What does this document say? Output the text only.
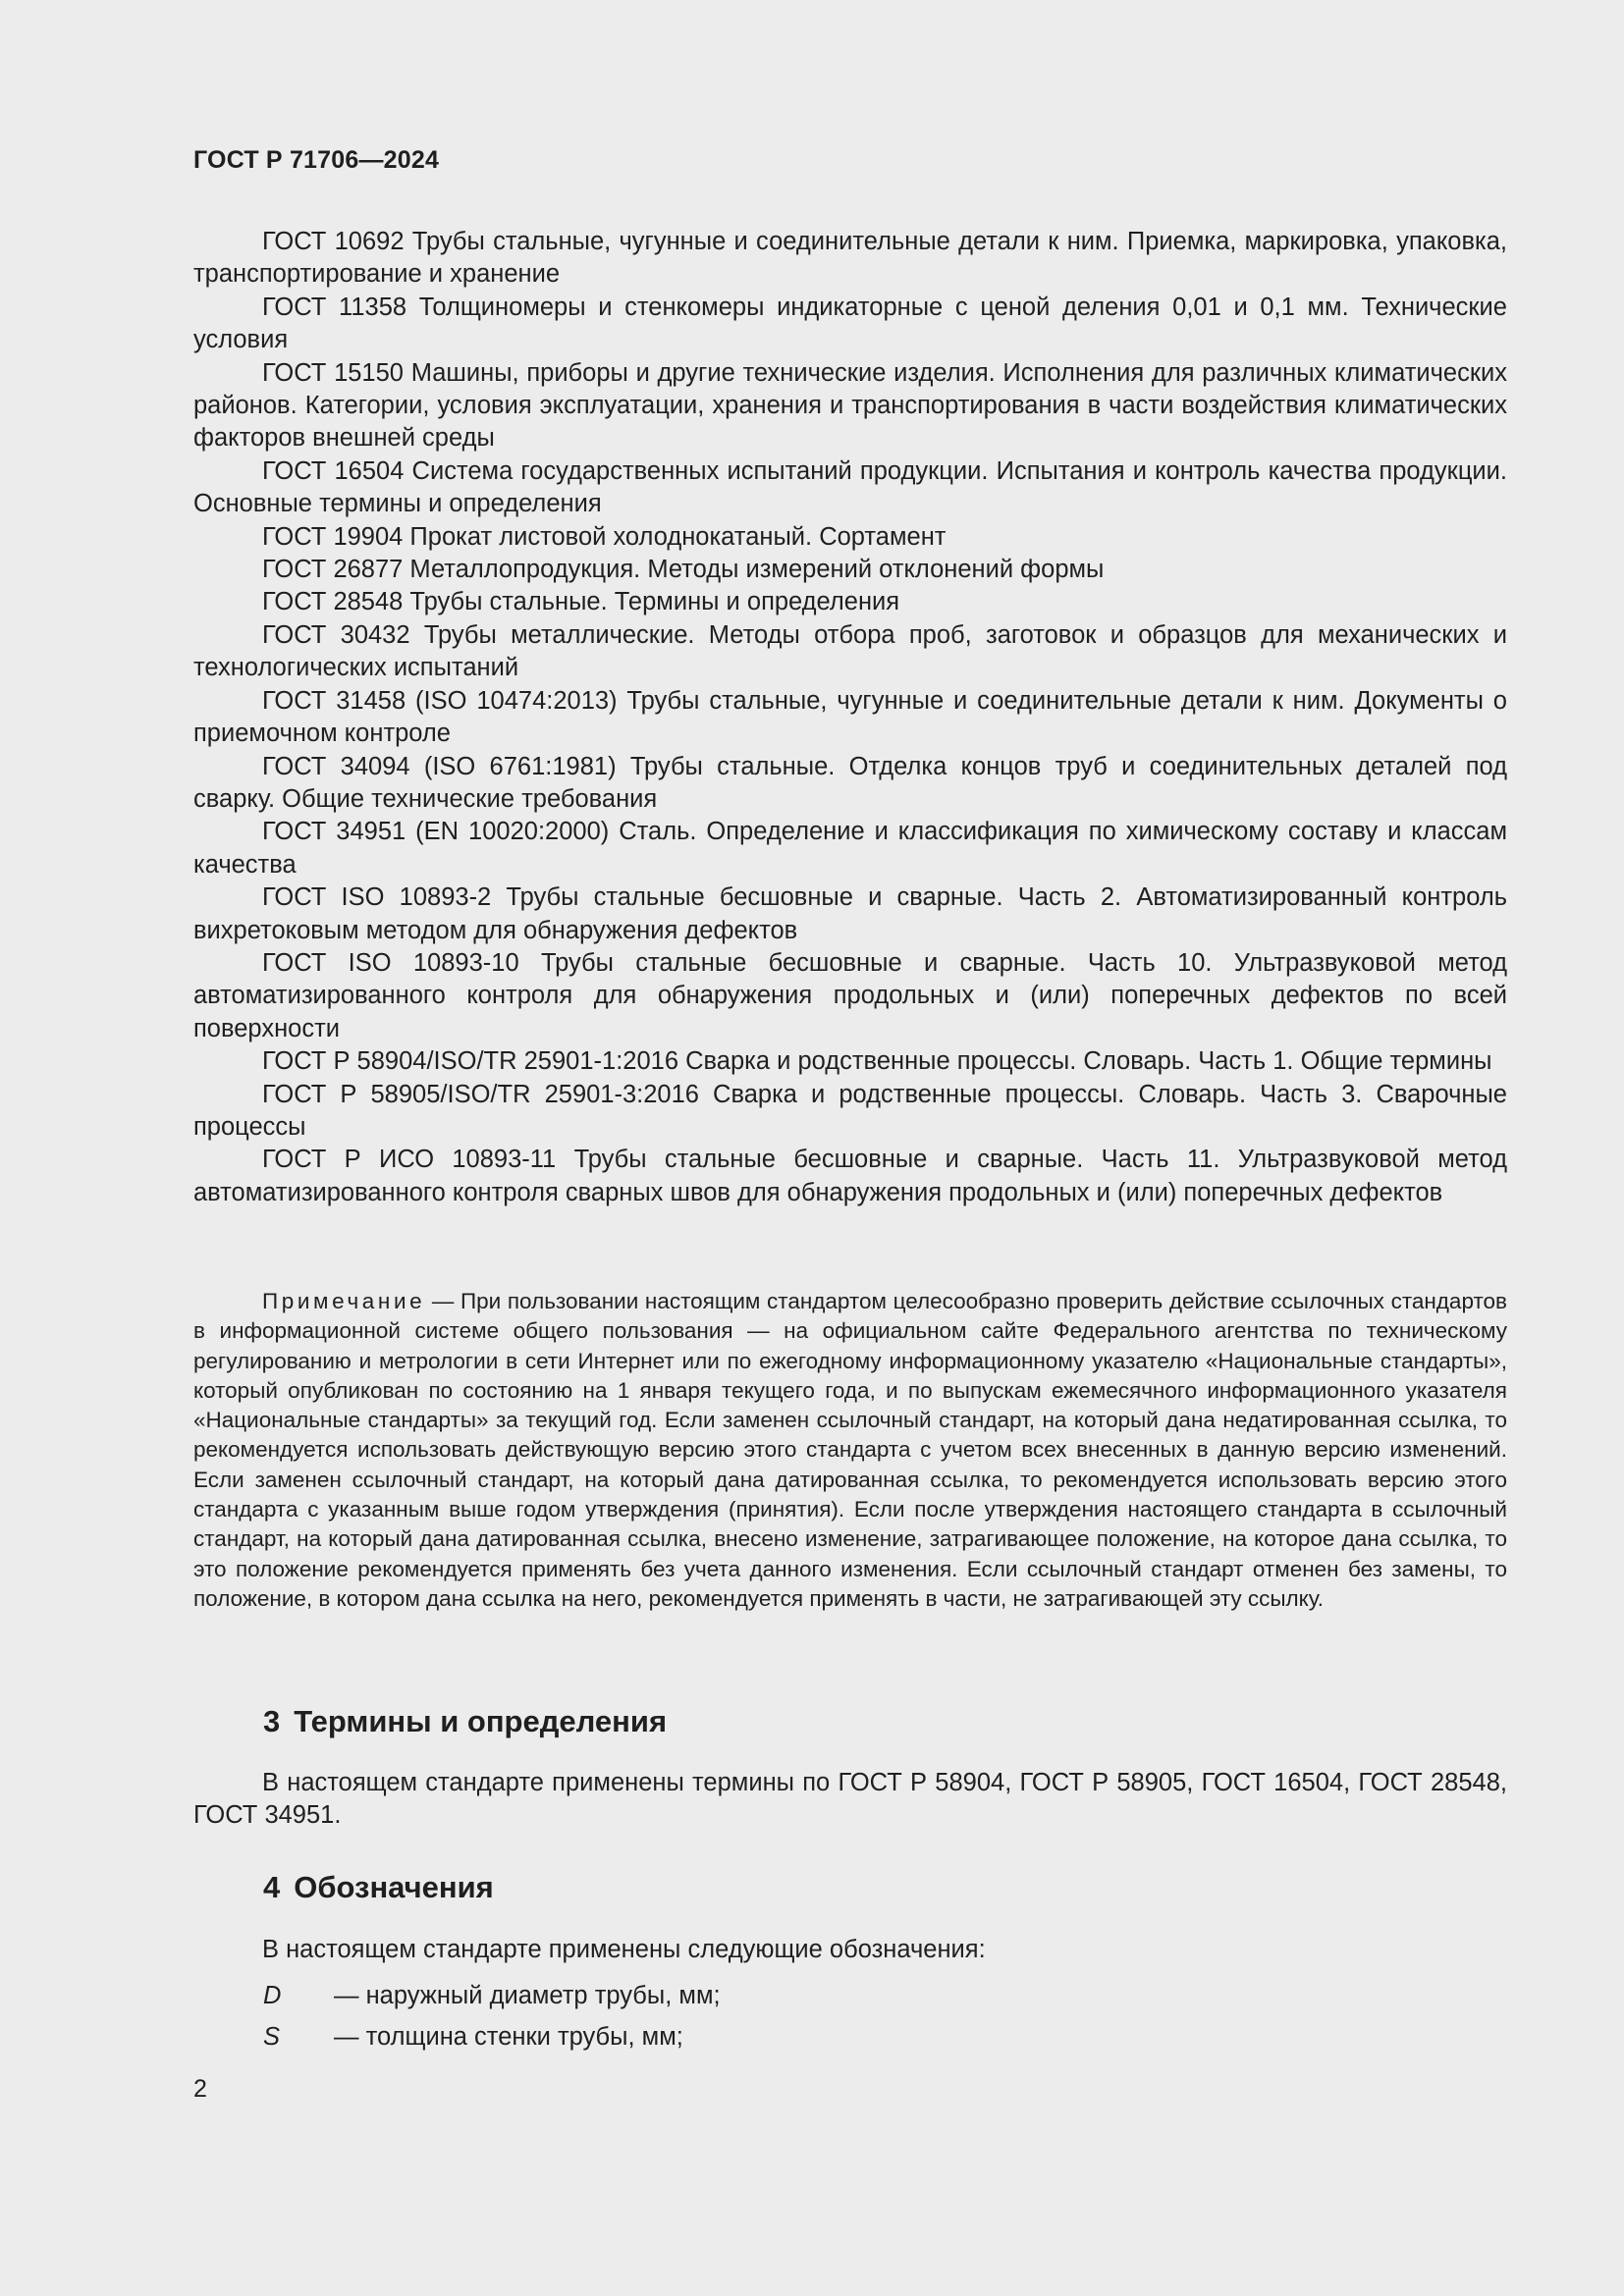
ГОСТ Р 71706—2024

ГОСТ 10692 Трубы стальные, чугунные и соединительные детали к ним. Приемка, маркировка, упаковка, транспортирование и хранение

ГОСТ 11358 Толщиномеры и стенкомеры индикаторные с ценой деления 0,01 и 0,1 мм. Технические условия

ГОСТ 15150 Машины, приборы и другие технические изделия. Исполнения для различных климатических районов. Категории, условия эксплуатации, хранения и транспортирования в части воздействия климатических факторов внешней среды

ГОСТ 16504 Система государственных испытаний продукции. Испытания и контроль качества продукции. Основные термины и определения

ГОСТ 19904 Прокат листовой холоднокатаный. Сортамент

ГОСТ 26877 Металлопродукция. Методы измерений отклонений формы

ГОСТ 28548 Трубы стальные. Термины и определения

ГОСТ 30432 Трубы металлические. Методы отбора проб, заготовок и образцов для механических и технологических испытаний

ГОСТ 31458 (ISO 10474:2013) Трубы стальные, чугунные и соединительные детали к ним. Документы о приемочном контроле

ГОСТ 34094 (ISO 6761:1981) Трубы стальные. Отделка концов труб и соединительных деталей под сварку. Общие технические требования

ГОСТ 34951 (EN 10020:2000) Сталь. Определение и классификация по химическому составу и классам качества

ГОСТ ISO 10893-2 Трубы стальные бесшовные и сварные. Часть 2. Автоматизированный контроль вихретоковым методом для обнаружения дефектов

ГОСТ ISO 10893-10 Трубы стальные бесшовные и сварные. Часть 10. Ультразвуковой метод автоматизированного контроля для обнаружения продольных и (или) поперечных дефектов по всей поверхности

ГОСТ Р 58904/ISO/TR 25901-1:2016 Сварка и родственные процессы. Словарь. Часть 1. Общие термины

ГОСТ Р 58905/ISO/TR 25901-3:2016 Сварка и родственные процессы. Словарь. Часть 3. Сварочные процессы

ГОСТ Р ИСО 10893-11 Трубы стальные бесшовные и сварные. Часть 11. Ультразвуковой метод автоматизированного контроля сварных швов для обнаружения продольных и (или) поперечных дефектов

Примечание — При пользовании настоящим стандартом целесообразно проверить действие ссылочных стандартов в информационной системе общего пользования — на официальном сайте Федерального агентства по техническому регулированию и метрологии в сети Интернет или по ежегодному информационному указателю «Национальные стандарты», который опубликован по состоянию на 1 января текущего года, и по выпускам ежемесячного информационного указателя «Национальные стандарты» за текущий год. Если заменен ссылочный стандарт, на который дана недатированная ссылка, то рекомендуется использовать действующую версию этого стандарта с учетом всех внесенных в данную версию изменений. Если заменен ссылочный стандарт, на который дана датированная ссылка, то рекомендуется использовать версию этого стандарта с указанным выше годом утверждения (принятия). Если после утверждения настоящего стандарта в ссылочный стандарт, на который дана датированная ссылка, внесено изменение, затрагивающее положение, на которое дана ссылка, то это положение рекомендуется применять без учета данного изменения. Если ссылочный стандарт отменен без замены, то положение, в котором дана ссылка на него, рекомендуется применять в части, не затрагивающей эту ссылку.

3 Термины и определения

В настоящем стандарте применены термины по ГОСТ Р 58904, ГОСТ Р 58905, ГОСТ 16504, ГОСТ 28548, ГОСТ 34951.

4 Обозначения

В настоящем стандарте применены следующие обозначения:

D	— наружный диаметр трубы, мм;
S	— толщина стенки трубы, мм;
2
